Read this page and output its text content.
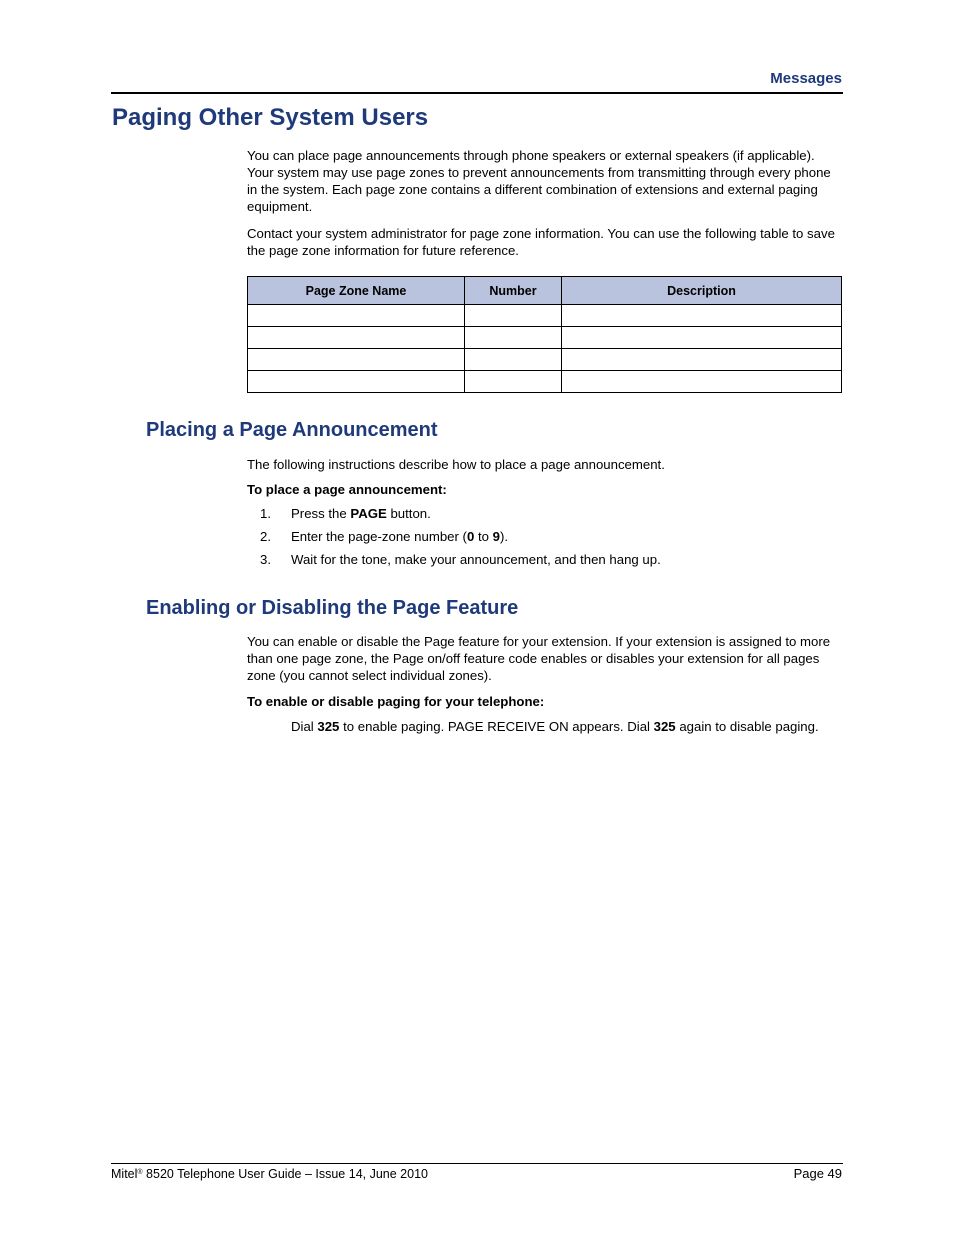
Messages
Paging Other System Users

You can place page announcements through phone speakers or external speakers (if applicable). Your system may use page zones to prevent announcements from transmitting through every phone in the system. Each page zone contains a different combination of extensions and external paging equipment.

Contact your system administrator for page zone information. You can use the following table to save the page zone information for future reference.

Page Zone Name	Number	Description

Placing a Page Announcement

The following instructions describe how to place a page announcement.

To place a page announcement:

1.	Press the PAGE button.
2.	Enter the page-zone number (0 to 9).
3.	Wait for the tone, make your announcement, and then hang up.
Enabling or Disabling the Page Feature

You can enable or disable the Page feature for your extension. If your extension is assigned to more than one page zone, the Page on/off feature code enables or disables your extension for all pages zone (you cannot select individual zones).

To enable or disable paging for your telephone:

Dial 325 to enable paging. PAGE RECEIVE ON appears. Dial 325 again to disable paging.

Mitel® 8520 Telephone User Guide – Issue 14, June 2010	Page 49
